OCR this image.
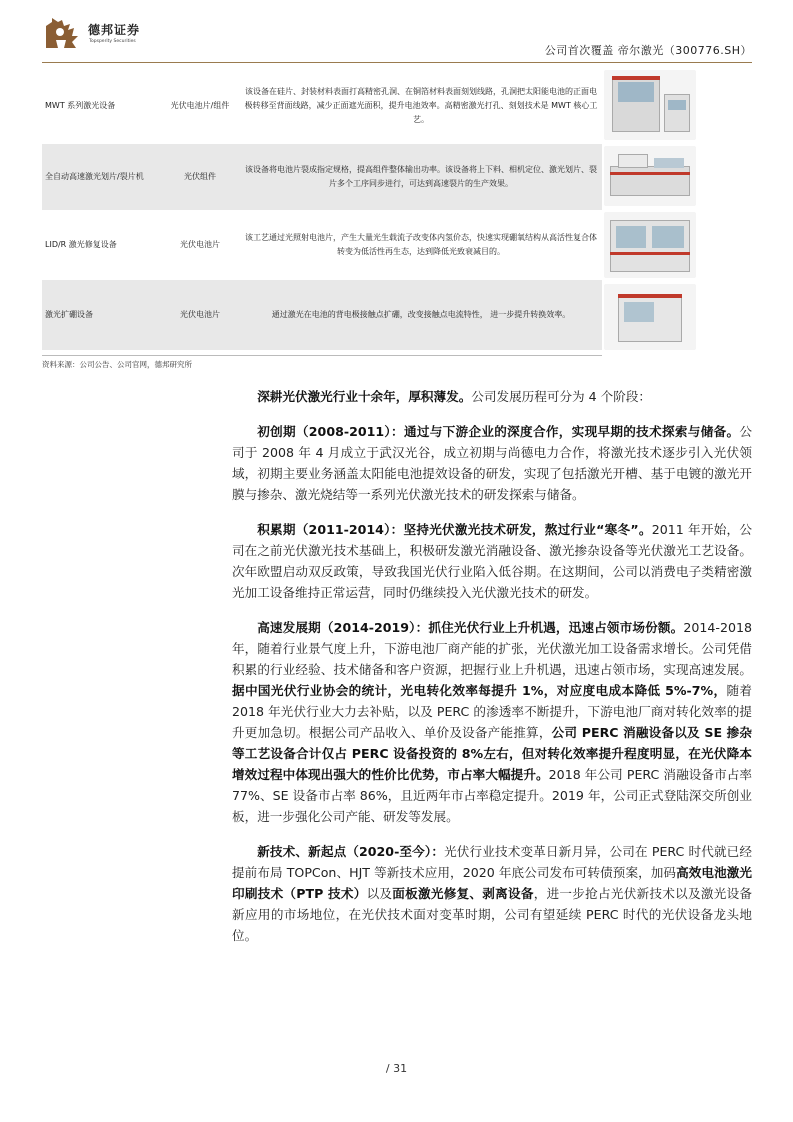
德邦证券
Topsperity Securities
公司首次覆盖 帝尔激光（300776.SH）
MWT 系列激光设备	光伏电池片/组件	该设备在硅片、封装材料表面打高精密孔洞、在铜箔材料表面刻划线路，孔洞把太阳能电池的正面电极转移至背面线路，减少正面遮光面积，提升电池效率。高精密激光打孔、刻划技术是 MWT 核心工艺。
全自动高速激光划片/裂片机	光伏组件	该设备将电池片裂成指定规格，提高组件整体输出功率。该设备将上下料、相机定位、激光划片、裂片多个工序同步进行，可达到高速裂片的生产效果。
LID/R 激光修复设备	光伏电池片	该工艺通过光照射电池片，产生大量光生载流子改变体内氢价态，快速实现硼氧结构从高活性复合体转变为低活性再生态，达到降低光致衰减目的。
激光扩硼设备	光伏电池片	通过激光在电池的背电极接触点扩硼，改变接触点电流特性， 进一步提升转换效率。
资料来源：公司公告、公司官网，德邦研究所

深耕光伏激光行业十余年，厚积薄发。公司发展历程可分为 4 个阶段：

初创期（2008-2011）：通过与下游企业的深度合作，实现早期的技术探索与储备。公司于 2008 年 4 月成立于武汉光谷，成立初期与尚德电力合作，将激光技术逐步引入光伏领域，初期主要业务涵盖太阳能电池提效设备的研发，实现了包括激光开槽、基于电镀的激光开膜与掺杂、激光烧结等一系列光伏激光技术的研发探索与储备。

积累期（2011-2014）：坚持光伏激光技术研发，熬过行业“寒冬”。2011 年开始，公司在之前光伏激光技术基础上，积极研发激光消融设备、激光掺杂设备等光伏激光工艺设备。次年欧盟启动双反政策，导致我国光伏行业陷入低谷期。在这期间，公司以消费电子类精密激光加工设备维持正常运营，同时仍继续投入光伏激光技术的研发。

高速发展期（2014-2019）：抓住光伏行业上升机遇，迅速占领市场份额。2014-2018 年，随着行业景气度上升，下游电池厂商产能的扩张，光伏激光加工设备需求增长。公司凭借积累的行业经验、技术储备和客户资源，把握行业上升机遇，迅速占领市场，实现高速发展。据中国光伏行业协会的统计，光电转化效率每提升 1%，对应度电成本降低 5%-7%，随着 2018 年光伏行业大力去补贴，以及 PERC 的渗透率不断提升，下游电池厂商对转化效率的提升更加急切。根据公司产品收入、单价及设备产能推算，公司 PERC 消融设备以及 SE 掺杂等工艺设备合计仅占 PERC 设备投资的 8%左右，但对转化效率提升程度明显，在光伏降本增效过程中体现出强大的性价比优势，市占率大幅提升。2018 年公司 PERC 消融设备市占率 77%、SE 设备市占率 86%，且近两年市占率稳定提升。2019 年，公司正式登陆深交所创业板，进一步强化公司产能、研发等发展。

新技术、新起点（2020-至今）：光伏行业技术变革日新月异，公司在 PERC 时代就已经提前布局 TOPCon、HJT 等新技术应用，2020 年底公司发布可转债预案，加码高效电池激光印刷技术（PTP 技术）以及面板激光修复、剥离设备，进一步抢占光伏新技术以及激光设备新应用的市场地位，在光伏技术面对变革时期，公司有望延续 PERC 时代的光伏设备龙头地位。

/ 31
